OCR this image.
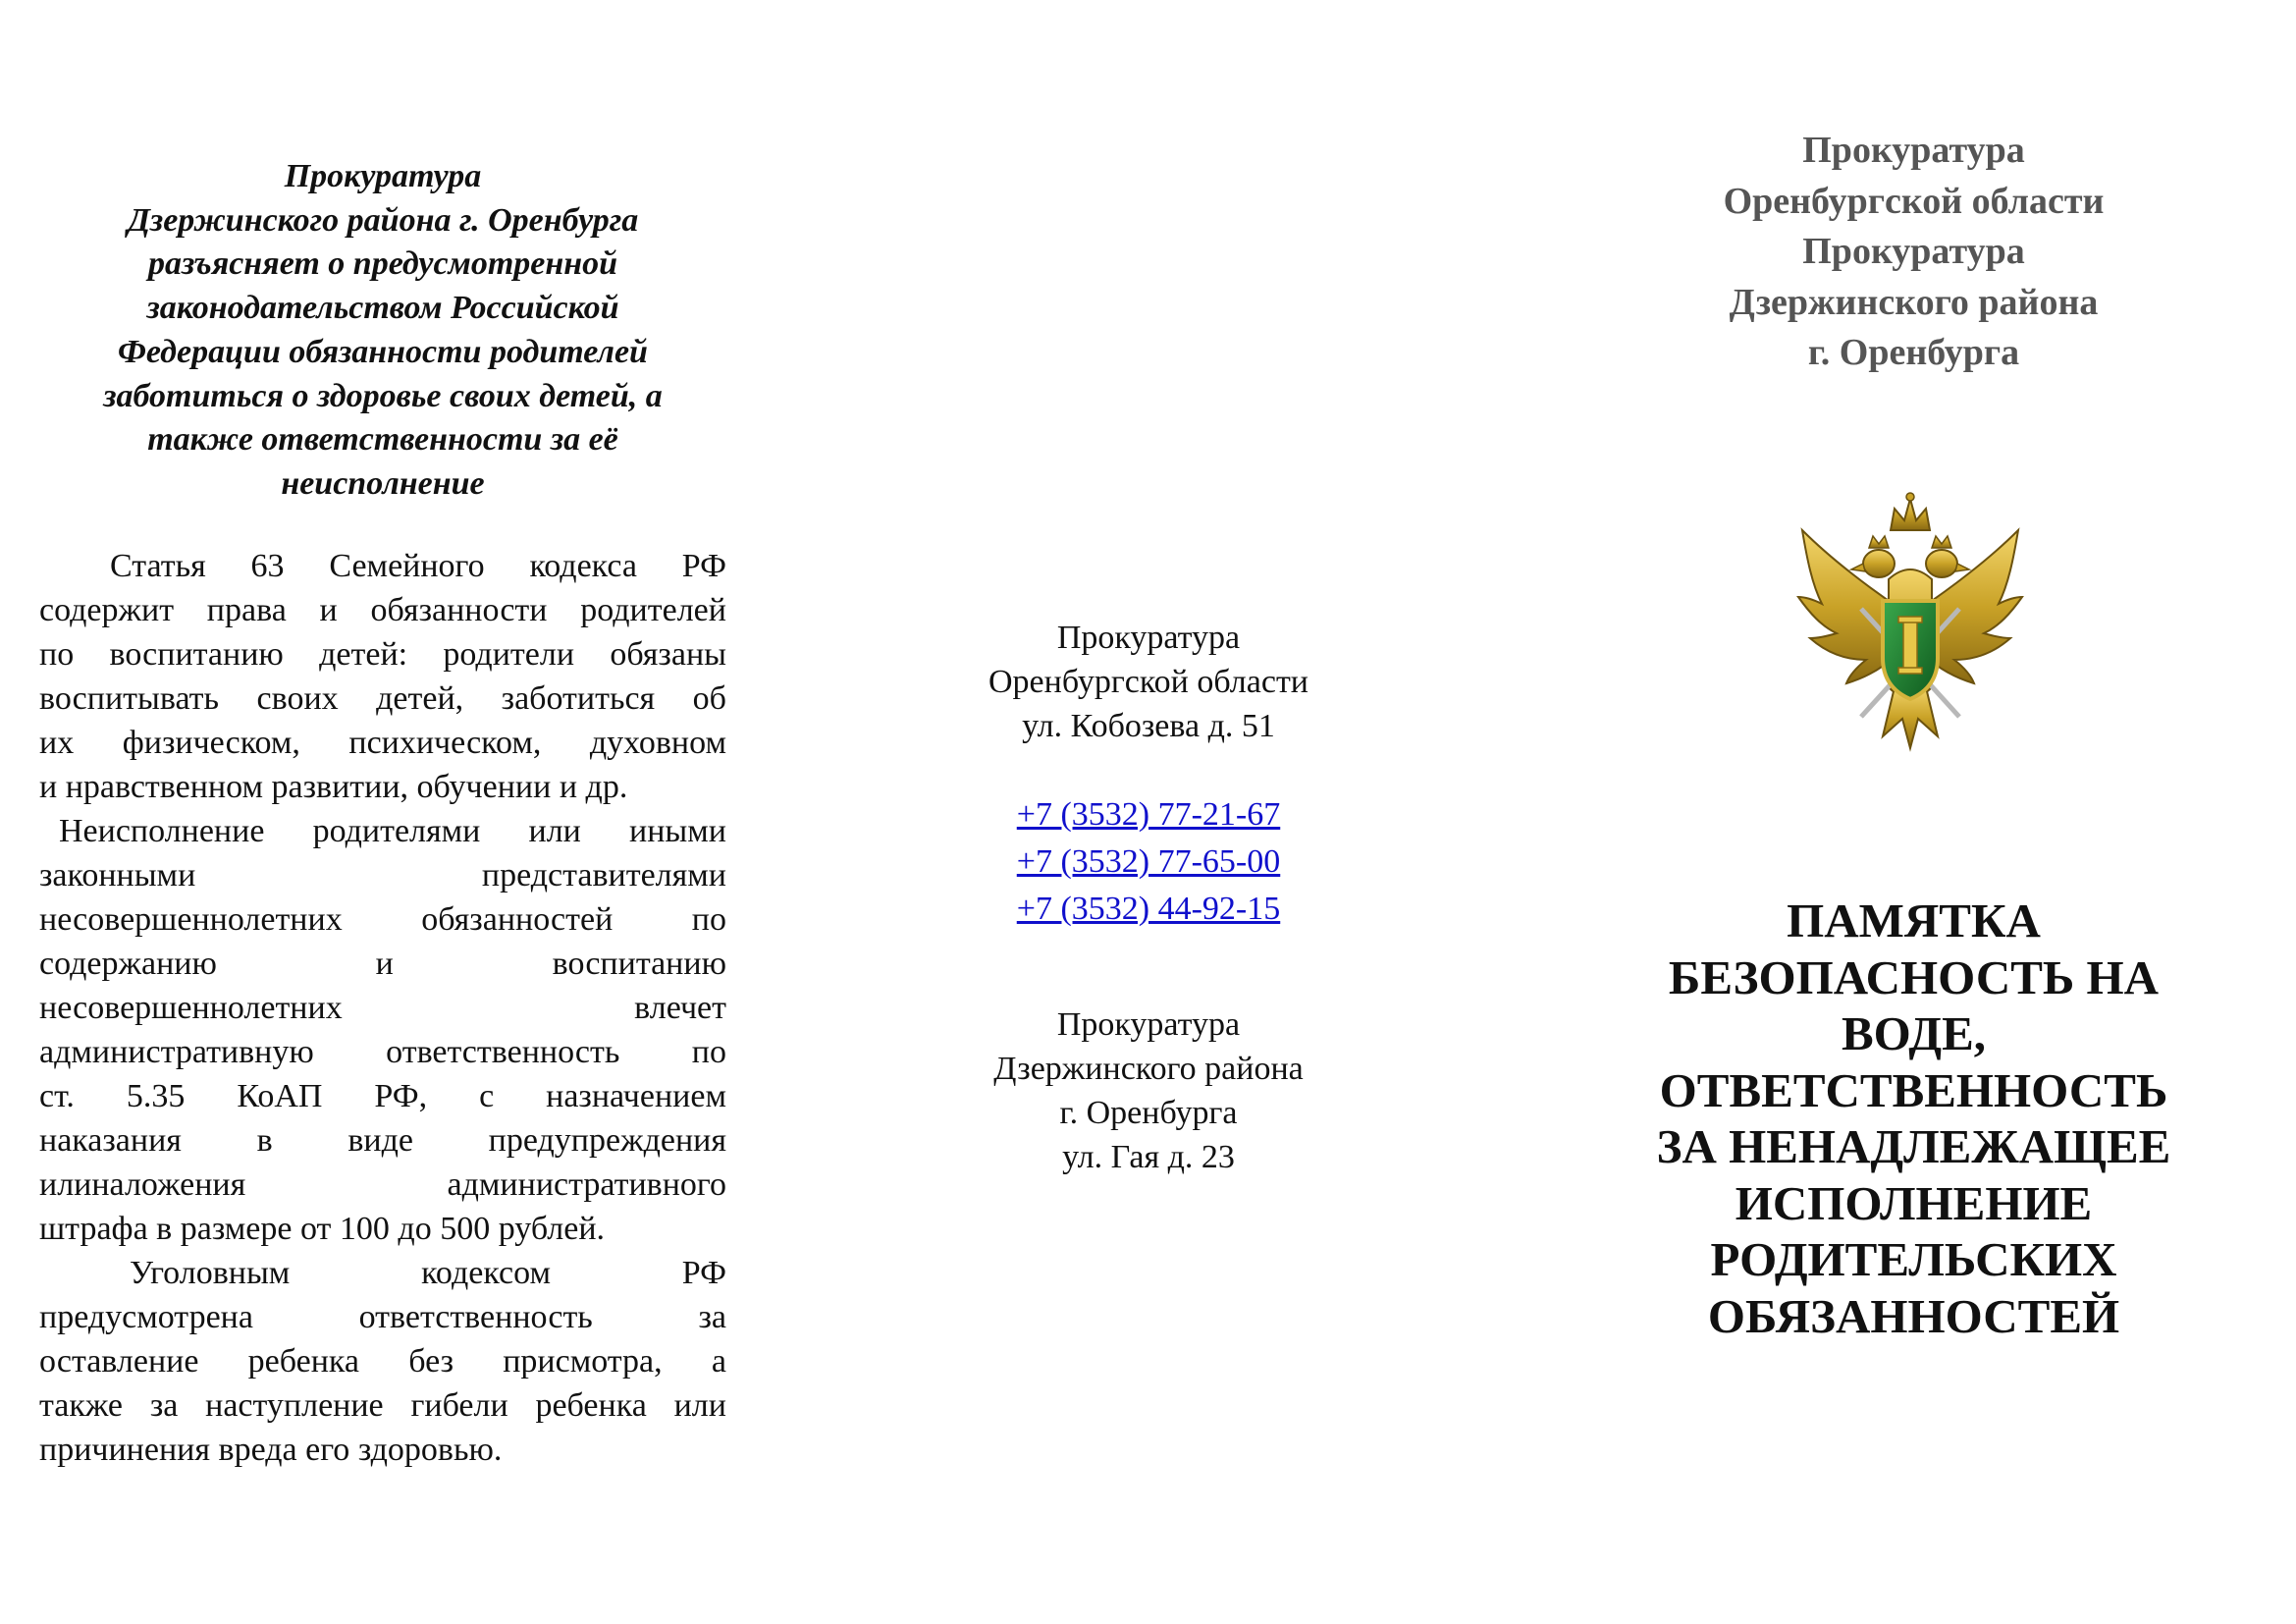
Прокуратура
Дзержинского района г. Оренбурга
разъясняет о предусмотренной
законодательством Российской
Федерации обязанности родителей
заботиться о здоровье своих детей, а
также ответственности за её
неисполнение
Статья 63 Семейного кодекса РФ
содержит права и обязанности родителей
по воспитанию детей: родители обязаны
воспитывать своих детей, заботиться об
их физическом, психическом, духовном
и нравственном развитии, обучении и др.
Неисполнение родителями или иными
законными	представителями
несовершеннолетних обязанностей по
содержанию	и	воспитанию
несовершеннолетних	влечет
административную ответственность по
ст. 5.35 КоАП РФ, с назначением
наказания в виде предупреждения
илиналожения	административного
штрафа в размере от 100 до 500 рублей.
Уголовным	кодексом	РФ
предусмотрена	ответственность	за
оставление ребенка без присмотра, а
также за наступление гибели ребенка или
причинения вреда его здоровью.
Прокуратура
Оренбургской области
ул. Кобозева д. 51
+7 (3532) 77-21-67
+7 (3532) 77-65-00
+7 (3532) 44-92-15
Прокуратура
Дзержинского района
г. Оренбурга
ул. Гая д. 23
Прокуратура
Оренбургской области
Прокуратура
Дзержинского района
г. Оренбурга
ПАМЯТКА
БЕЗОПАСНОСТЬ НА
ВОДЕ,
ОТВЕТСТВЕННОСТЬ
ЗА НЕНАДЛЕЖАЩЕЕ
ИСПОЛНЕНИЕ
РОДИТЕЛЬСКИХ
ОБЯЗАННОСТЕЙ
